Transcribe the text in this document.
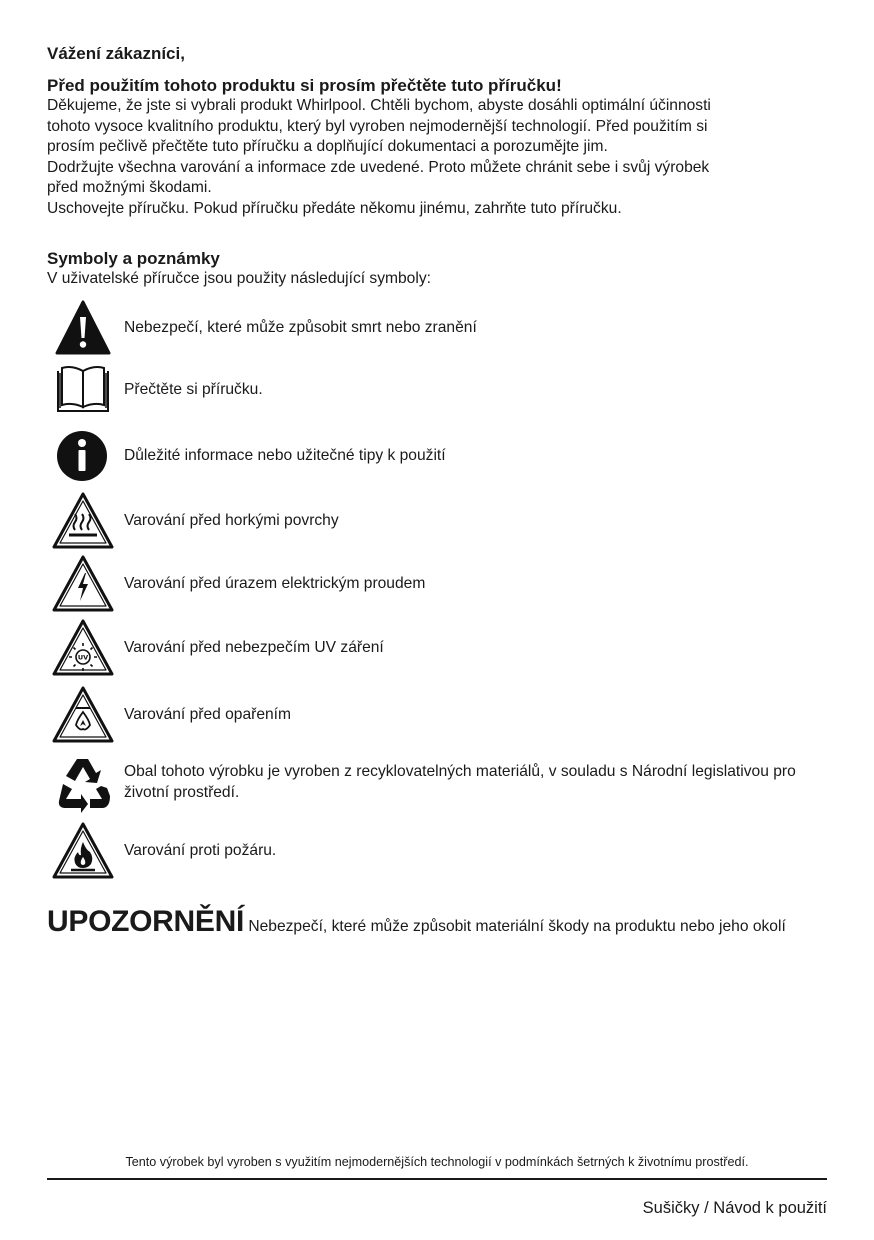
Vážení zákazníci,
Před použitím tohoto produktu si prosím přečtěte tuto příručku!

Děkujeme, že jste si vybrali produkt Whirlpool. Chtěli bychom, abyste dosáhli optimální účinnosti

tohoto vysoce kvalitního produktu, který byl vyroben nejmodernější technologií. Před použitím si

prosím pečlivě přečtěte tuto příručku a doplňující dokumentaci a porozumějte jim.

Dodržujte všechna varování a informace zde uvedené. Proto můžete chránit sebe i svůj výrobek

před možnými škodami.

Uschovejte příručku. Pokud příručku předáte někomu jinému, zahrňte tuto příručku.

Symboly a poznámky
V uživatelské příručce jsou použity následující symboly:
Nebezpečí, které může způsobit smrt nebo zranění
Přečtěte si příručku.
Důležité informace nebo užitečné tipy k použití
Varování před horkými povrchy
Varování před úrazem elektrickým proudem
UV
Varování před nebezpečím UV záření
Varování před opařením
Obal tohoto výrobku je vyroben z recyklovatelných materiálů, v souladu s Národní legislativou pro životní prostředí.
Varování proti požáru.
UPOZORNĚNÍ Nebezpečí, které může způsobit materiální škody na produktu nebo jeho okolí
Tento výrobek byl vyroben s využitím nejmodernějších technologií v podmínkách šetrných k životnímu prostředí.
Sušičky / Návod k použití
